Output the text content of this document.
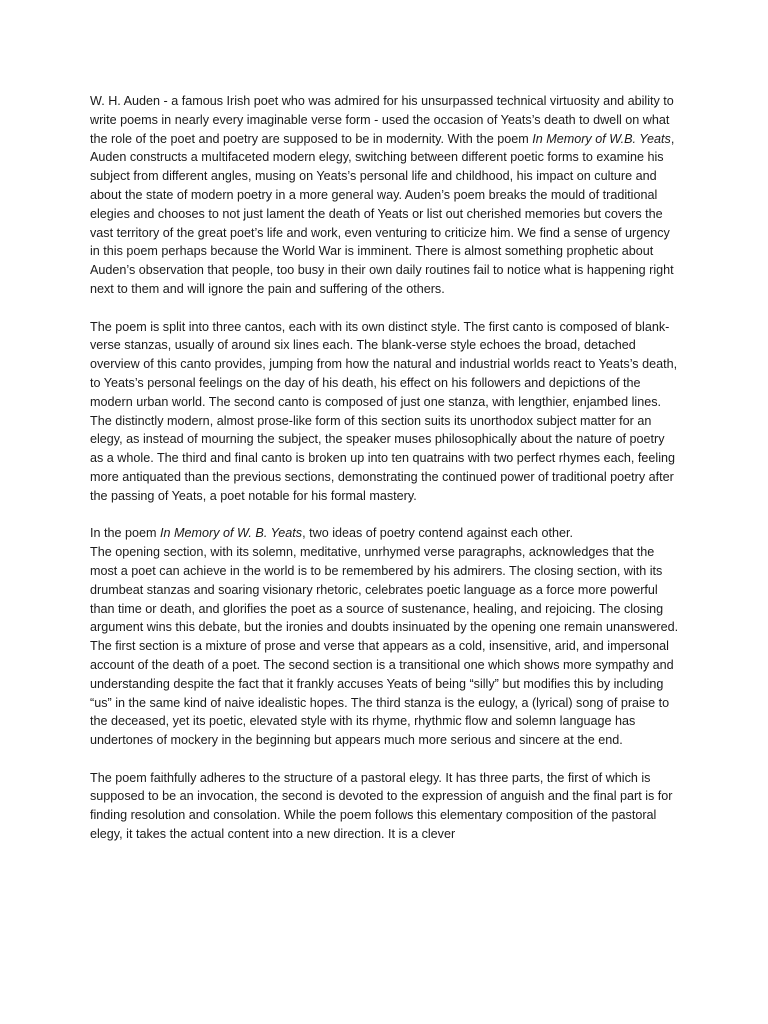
W. H. Auden - a famous Irish poet who was admired for his unsurpassed technical virtuosity and ability to write poems in nearly every imaginable verse form - used the occasion of Yeats’s death to dwell on what the role of the poet and poetry are supposed to be in modernity. With the poem In Memory of W.B. Yeats, Auden constructs a multifaceted modern elegy, switching between different poetic forms to examine his subject from different angles, musing on Yeats’s personal life and childhood, his impact on culture and about the state of modern poetry in a more general way. Auden’s poem breaks the mould of traditional elegies and chooses to not just lament the death of Yeats or list out cherished memories but covers the vast territory of the great poet’s life and work, even venturing to criticize him. We find a sense of urgency in this poem perhaps because the World War is imminent. There is almost something prophetic about Auden’s observation that people, too busy in their own daily routines fail to notice what is happening right next to them and will ignore the pain and suffering of the others.

The poem is split into three cantos, each with its own distinct style. The first canto is composed of blank-verse stanzas, usually of around six lines each. The blank-verse style echoes the broad, detached overview of this canto provides, jumping from how the natural and industrial worlds react to Yeats’s death, to Yeats’s personal feelings on the day of his death, his effect on his followers and depictions of the modern urban world. The second canto is composed of just one stanza, with lengthier, enjambed lines. The distinctly modern, almost prose-like form of this section suits its unorthodox subject matter for an elegy, as instead of mourning the subject, the speaker muses philosophically about the nature of poetry as a whole. The third and final canto is broken up into ten quatrains with two perfect rhymes each, feeling more antiquated than the previous sections, demonstrating the continued power of traditional poetry after the passing of Yeats, a poet notable for his formal mastery.

In the poem In Memory of W. B. Yeats, two ideas of poetry contend against each other.
The opening section, with its solemn, meditative, unrhymed verse paragraphs, acknowledges that the most a poet can achieve in the world is to be remembered by his admirers. The closing section, with its drumbeat stanzas and soaring visionary rhetoric, celebrates poetic language as a force more powerful than time or death, and glorifies the poet as a source of sustenance, healing, and rejoicing. The closing argument wins this debate, but the ironies and doubts insinuated by the opening one remain unanswered. The first section is a mixture of prose and verse that appears as a cold, insensitive, arid, and impersonal account of the death of a poet. The second section is a transitional one which shows more sympathy and understanding despite the fact that it frankly accuses Yeats of being “silly” but modifies this by including “us” in the same kind of naive idealistic hopes. The third stanza is the eulogy, a (lyrical) song of praise to the deceased, yet its poetic, elevated style with its rhyme, rhythmic flow and solemn language has undertones of mockery in the beginning but appears much more serious and sincere at the end.

The poem faithfully adheres to the structure of a pastoral elegy. It has three parts, the first of which is supposed to be an invocation, the second is devoted to the expression of anguish and the final part is for finding resolution and consolation. While the poem follows this elementary composition of the pastoral elegy, it takes the actual content into a new direction. It is a clever
